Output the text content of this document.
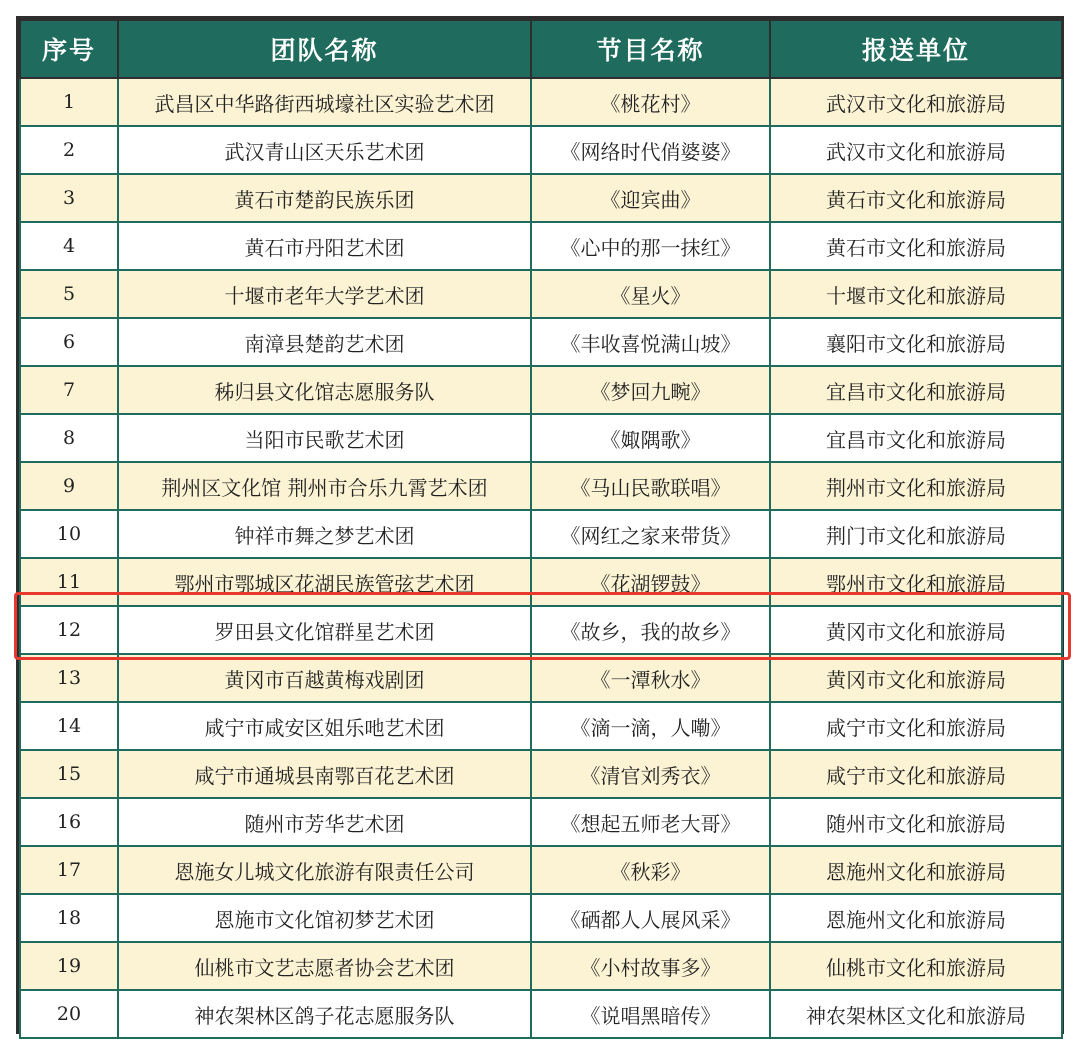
序号	团队名称	节目名称	报送单位
1	武昌区中华路街西城壕社区实验艺术团	《桃花村》	武汉市文化和旅游局
2	武汉青山区天乐艺术团	《网络时代俏婆婆》	武汉市文化和旅游局
3	黄石市楚韵民族乐团	《迎宾曲》	黄石市文化和旅游局
4	黄石市丹阳艺术团	《心中的那一抹红》	黄石市文化和旅游局
5	十堰市老年大学艺术团	《星火》	十堰市文化和旅游局
6	南漳县楚韵艺术团	《丰收喜悦满山坡》	襄阳市文化和旅游局
7	秭归县文化馆志愿服务队	《梦回九畹》	宜昌市文化和旅游局
8	当阳市民歌艺术团	《娵隅歌》	宜昌市文化和旅游局
9	荆州区文化馆 荆州市合乐九霄艺术团	《马山民歌联唱》	荆州市文化和旅游局
10	钟祥市舞之梦艺术团	《网红之家来带货》	荆门市文化和旅游局
11	鄂州市鄂城区花湖民族管弦艺术团	《花湖锣鼓》	鄂州市文化和旅游局
12	罗田县文化馆群星艺术团	《故乡，我的故乡》	黄冈市文化和旅游局
13	黄冈市百越黄梅戏剧团	《一潭秋水》	黄冈市文化和旅游局
14	咸宁市咸安区姐乐吔艺术团	《滴一滴，人嘞》	咸宁市文化和旅游局
15	咸宁市通城县南鄂百花艺术团	《清官刘秀衣》	咸宁市文化和旅游局
16	随州市芳华艺术团	《想起五师老大哥》	随州市文化和旅游局
17	恩施女儿城文化旅游有限责任公司	《秋彩》	恩施州文化和旅游局
18	恩施市文化馆初梦艺术团	《硒都人人展风采》	恩施州文化和旅游局
19	仙桃市文艺志愿者协会艺术团	《小村故事多》	仙桃市文化和旅游局
20	神农架林区鸽子花志愿服务队	《说唱黑暗传》	神农架林区文化和旅游局
